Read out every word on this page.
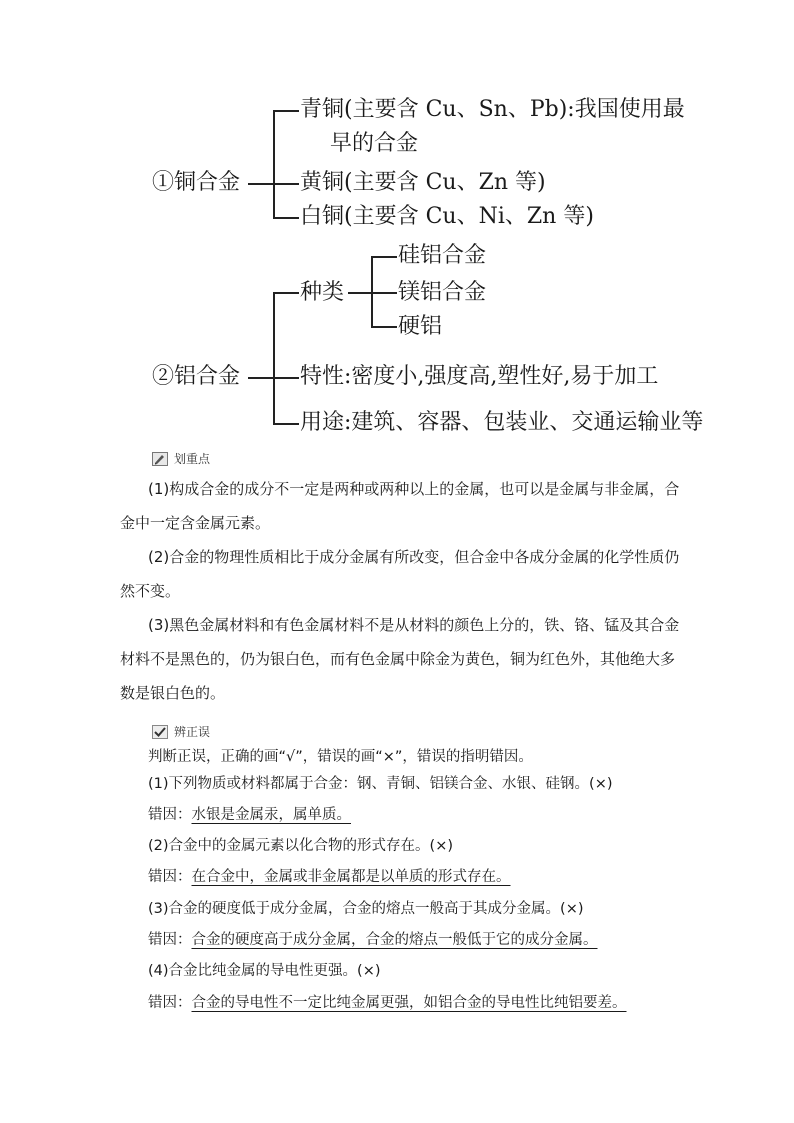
①铜合金
青铜(主要含 Cu、Sn、Pb):我国使用最
早的合金
黄铜(主要含 Cu、Zn 等)
白铜(主要含 Cu、Ni、Zn 等)
②铝合金
种类
硅铝合金
镁铝合金
硬铝
特性:密度小,强度高,塑性好,易于加工
用途:建筑、容器、包装业、交通运输业等
划重点

(1)构成合金的成分不一定是两种或两种以上的金属，也可以是金属与非金属，合金中一定含金属元素。

(2)合金的物理性质相比于成分金属有所改变，但合金中各成分金属的化学性质仍然不变。

(3)黑色金属材料和有色金属材料不是从材料的颜色上分的，铁、铬、锰及其合金材料不是黑色的，仍为银白色，而有色金属中除金为黄色，铜为红色外，其他绝大多数是银白色的。

辨正误
判断正误，正确的画“√”，错误的画“×”，错误的指明错因。
(1)下列物质或材料都属于合金：钢、青铜、铝镁合金、水银、硅钢。(×)
错因：水银是金属汞，属单质。
(2)合金中的金属元素以化合物的形式存在。(×)
错因：在合金中，金属或非金属都是以单质的形式存在。
(3)合金的硬度低于成分金属，合金的熔点一般高于其成分金属。(×)
错因：合金的硬度高于成分金属，合金的熔点一般低于它的成分金属。
(4)合金比纯金属的导电性更强。(×)
错因：合金的导电性不一定比纯金属更强，如铝合金的导电性比纯铝要差。
